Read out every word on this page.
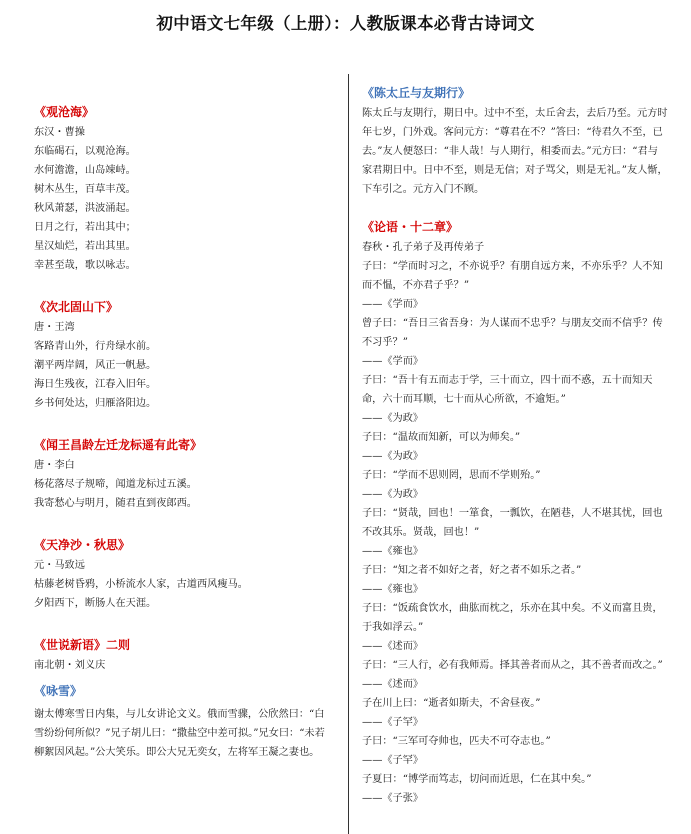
初中语文七年级（上册）：人教版课本必背古诗词文

《观沧海》

东汉・曹操

东临碣石，以观沧海。

水何澹澹，山岛竦峙。

树木丛生，百草丰茂。

秋风萧瑟，洪波涌起。

日月之行，若出其中；

星汉灿烂，若出其里。

幸甚至哉，歌以咏志。

《次北固山下》

唐・王湾

客路青山外，行舟绿水前。

潮平两岸阔，风正一帆悬。

海日生残夜，江春入旧年。

乡书何处达，归雁洛阳边。

《闻王昌龄左迁龙标遥有此寄》

唐・李白

杨花落尽子规啼，闻道龙标过五溪。

我寄愁心与明月，随君直到夜郎西。

《天净沙・秋思》

元・马致远

枯藤老树昏鸦，小桥流水人家，古道西风瘦马。

夕阳西下，断肠人在天涯。

《世说新语》二则

南北朝・刘义庆

《咏雪》

谢太傅寒雪日内集，与儿女讲论文义。俄而雪骤，公欣然曰：“白雪纷纷何所似？”兄子胡儿曰：“撒盐空中差可拟。”兄女曰：“未若柳絮因风起。”公大笑乐。即公大兄无奕女，左将军王凝之妻也。

《陈太丘与友期行》

陈太丘与友期行，期日中。过中不至，太丘舍去，去后乃至。元方时年七岁，门外戏。客问元方：“尊君在不？”答曰：“待君久不至，已去。”友人便怒曰：“非人哉！与人期行，相委而去。”元方曰：“君与家君期日中。日中不至，则是无信；对子骂父，则是无礼。”友人惭，下车引之。元方入门不顾。

《论语・十二章》

春秋・孔子弟子及再传弟子

子曰：“学而时习之，不亦说乎？有朋自远方来，不亦乐乎？人不知而不愠，不亦君子乎？”

——《学而》

曾子曰：“吾日三省吾身：为人谋而不忠乎？与朋友交而不信乎？传不习乎？”

——《学而》

子曰：“吾十有五而志于学，三十而立，四十而不惑，五十而知天命，六十而耳顺，七十而从心所欲，不逾矩。”

——《为政》

子曰：“温故而知新，可以为师矣。”

——《为政》

子曰：“学而不思则罔，思而不学则殆。”

——《为政》

子曰：“贤哉，回也！一箪食，一瓢饮，在陋巷，人不堪其忧，回也不改其乐。贤哉，回也！”

——《雍也》

子曰：“知之者不如好之者，好之者不如乐之者。”

——《雍也》

子曰：“饭疏食饮水，曲肱而枕之，乐亦在其中矣。不义而富且贵，于我如浮云。”

——《述而》

子曰：“三人行，必有我师焉。择其善者而从之，其不善者而改之。”

——《述而》

子在川上曰：“逝者如斯夫，不舍昼夜。”

——《子罕》

子曰：“三军可夺帅也，匹夫不可夺志也。”

——《子罕》

子夏曰：“博学而笃志，切问而近思，仁在其中矣。”

——《子张》
